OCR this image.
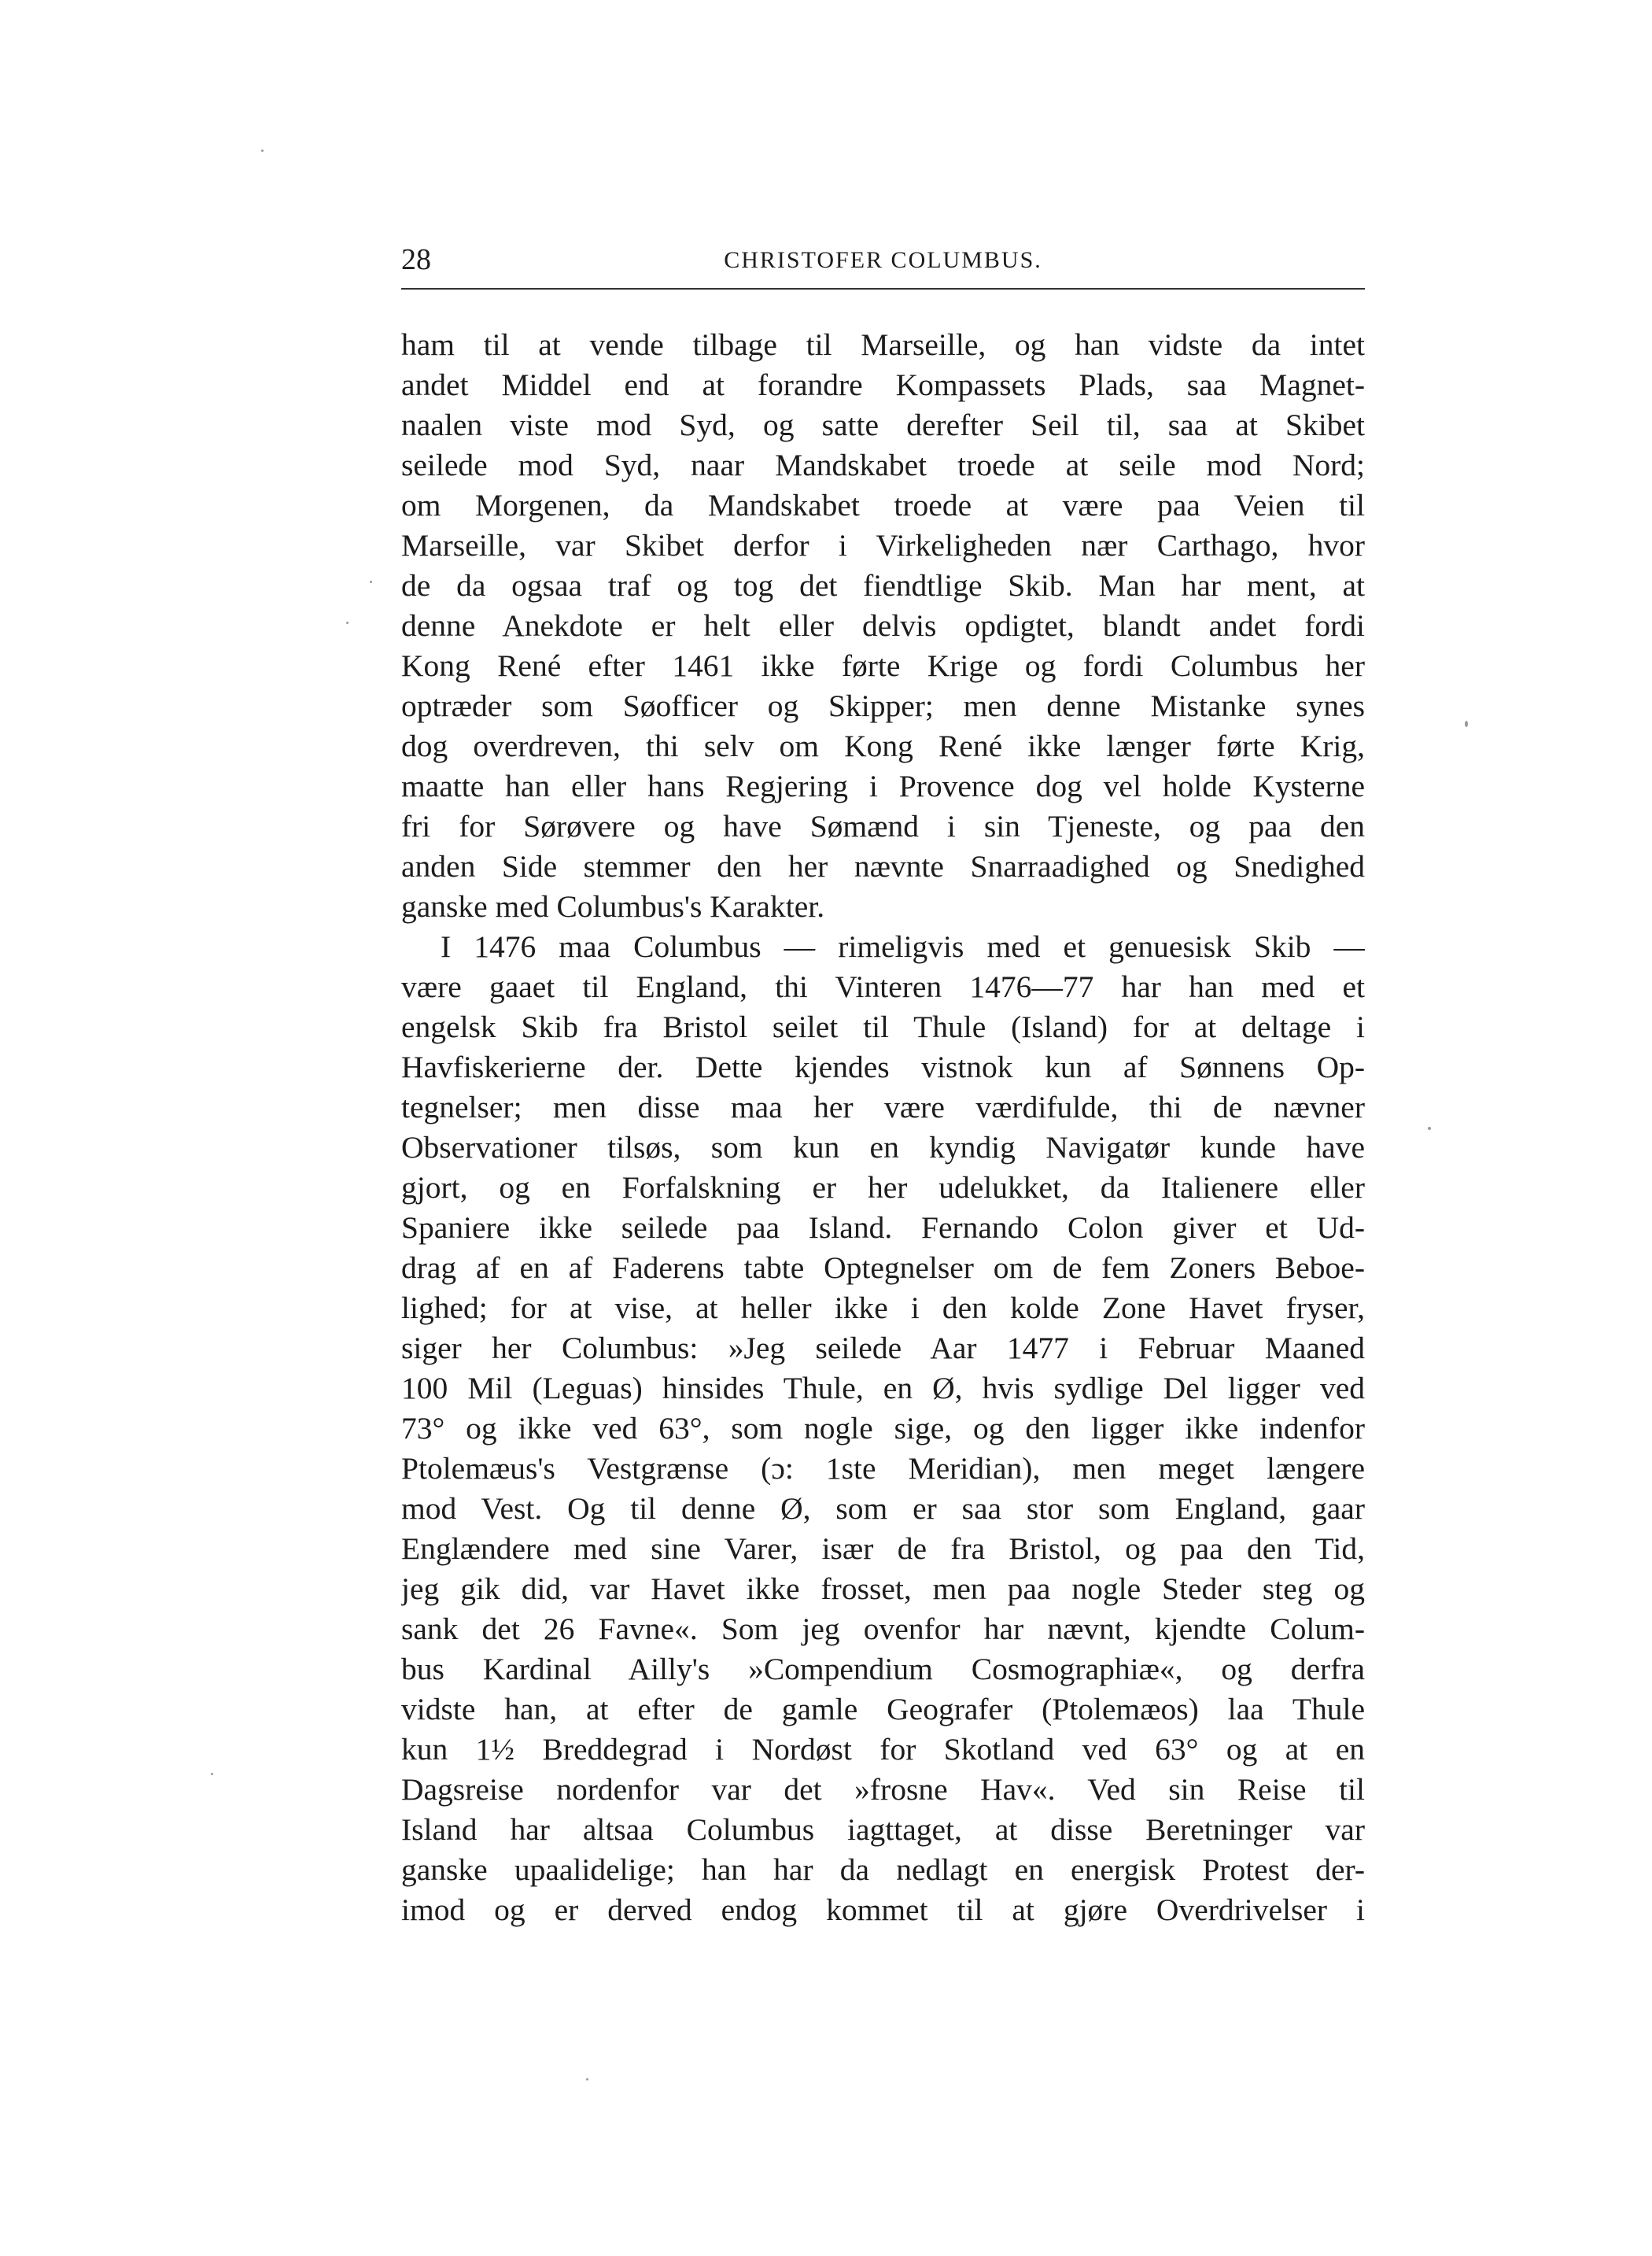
28	CHRISTOFER COLUMBUS.
ham til at vende tilbage til Marseille, og han vidste da intet
andet Middel end at forandre Kompassets Plads, saa Magnet-
naalen viste mod Syd, og satte derefter Seil til, saa at Skibet
seilede mod Syd, naar Mandskabet troede at seile mod Nord;
om Morgenen, da Mandskabet troede at være paa Veien til
Marseille, var Skibet derfor i Virkeligheden nær Carthago, hvor
de da ogsaa traf og tog det fiendtlige Skib. Man har ment, at
denne Anekdote er helt eller delvis opdigtet, blandt andet fordi
Kong René efter 1461 ikke førte Krige og fordi Columbus her
optræder som Søofficer og Skipper; men denne Mistanke synes
dog overdreven, thi selv om Kong René ikke længer førte Krig,
maatte han eller hans Regjering i Provence dog vel holde Kysterne
fri for Sørøvere og have Sømænd i sin Tjeneste, og paa den
anden Side stemmer den her nævnte Snarraadighed og Snedighed
ganske med Columbus's Karakter.
I 1476 maa Columbus — rimeligvis med et genuesisk Skib —
være gaaet til England, thi Vinteren 1476—77 har han med et
engelsk Skib fra Bristol seilet til Thule (Island) for at deltage i
Havfiskerierne der. Dette kjendes vistnok kun af Sønnens Op-
tegnelser; men disse maa her være værdifulde, thi de nævner
Observationer tilsøs, som kun en kyndig Navigatør kunde have
gjort, og en Forfalskning er her udelukket, da Italienere eller
Spaniere ikke seilede paa Island. Fernando Colon giver et Ud-
drag af en af Faderens tabte Optegnelser om de fem Zoners Beboe-
lighed; for at vise, at heller ikke i den kolde Zone Havet fryser,
siger her Columbus: »Jeg seilede Aar 1477 i Februar Maaned
100 Mil (Leguas) hinsides Thule, en Ø, hvis sydlige Del ligger ved
73° og ikke ved 63°, som nogle sige, og den ligger ikke indenfor
Ptolemæus's Vestgrænse (ɔ: 1ste Meridian), men meget længere
mod Vest. Og til denne Ø, som er saa stor som England, gaar
Englændere med sine Varer, især de fra Bristol, og paa den Tid,
jeg gik did, var Havet ikke frosset, men paa nogle Steder steg og
sank det 26 Favne«. Som jeg ovenfor har nævnt, kjendte Colum-
bus Kardinal Ailly's »Compendium Cosmographiæ«, og derfra
vidste han, at efter de gamle Geografer (Ptolemæos) laa Thule
kun 1½ Breddegrad i Nordøst for Skotland ved 63° og at en
Dagsreise nordenfor var det »frosne Hav«. Ved sin Reise til
Island har altsaa Columbus iagttaget, at disse Beretninger var
ganske upaalidelige; han har da nedlagt en energisk Protest der-
imod og er derved endog kommet til at gjøre Overdrivelser i
